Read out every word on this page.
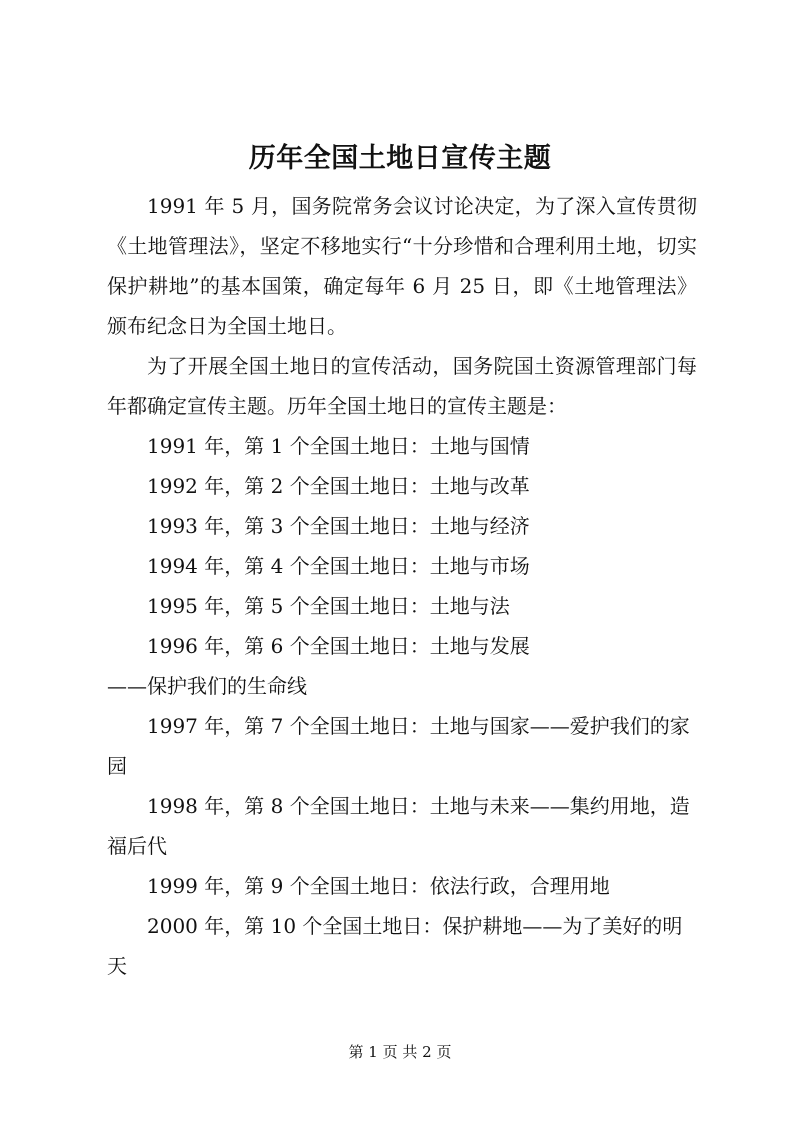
历年全国土地日宣传主题

1991 年 5 月，国务院常务会议讨论决定，为了深入宣传贯彻《土地管理法》，坚定不移地实行“十分珍惜和合理利用土地，切实保护耕地”的基本国策，确定每年 6 月 25 日，即《土地管理法》颁布纪念日为全国土地日。

为了开展全国土地日的宣传活动，国务院国土资源管理部门每年都确定宣传主题。历年全国土地日的宣传主题是：

1991 年，第 1 个全国土地日：土地与国情

1992 年，第 2 个全国土地日：土地与改革

1993 年，第 3 个全国土地日：土地与经济

1994 年，第 4 个全国土地日：土地与市场

1995 年，第 5 个全国土地日：土地与法

1996 年，第 6 个全国土地日：土地与发展

——保护我们的生命线

1997 年，第 7 个全国土地日：土地与国家——爱护我们的家园

1998 年，第 8 个全国土地日：土地与未来——集约用地，造福后代

1999 年，第 9 个全国土地日：依法行政，合理用地

2000 年，第 10 个全国土地日：保护耕地——为了美好的明天

第 1 页 共 2 页
